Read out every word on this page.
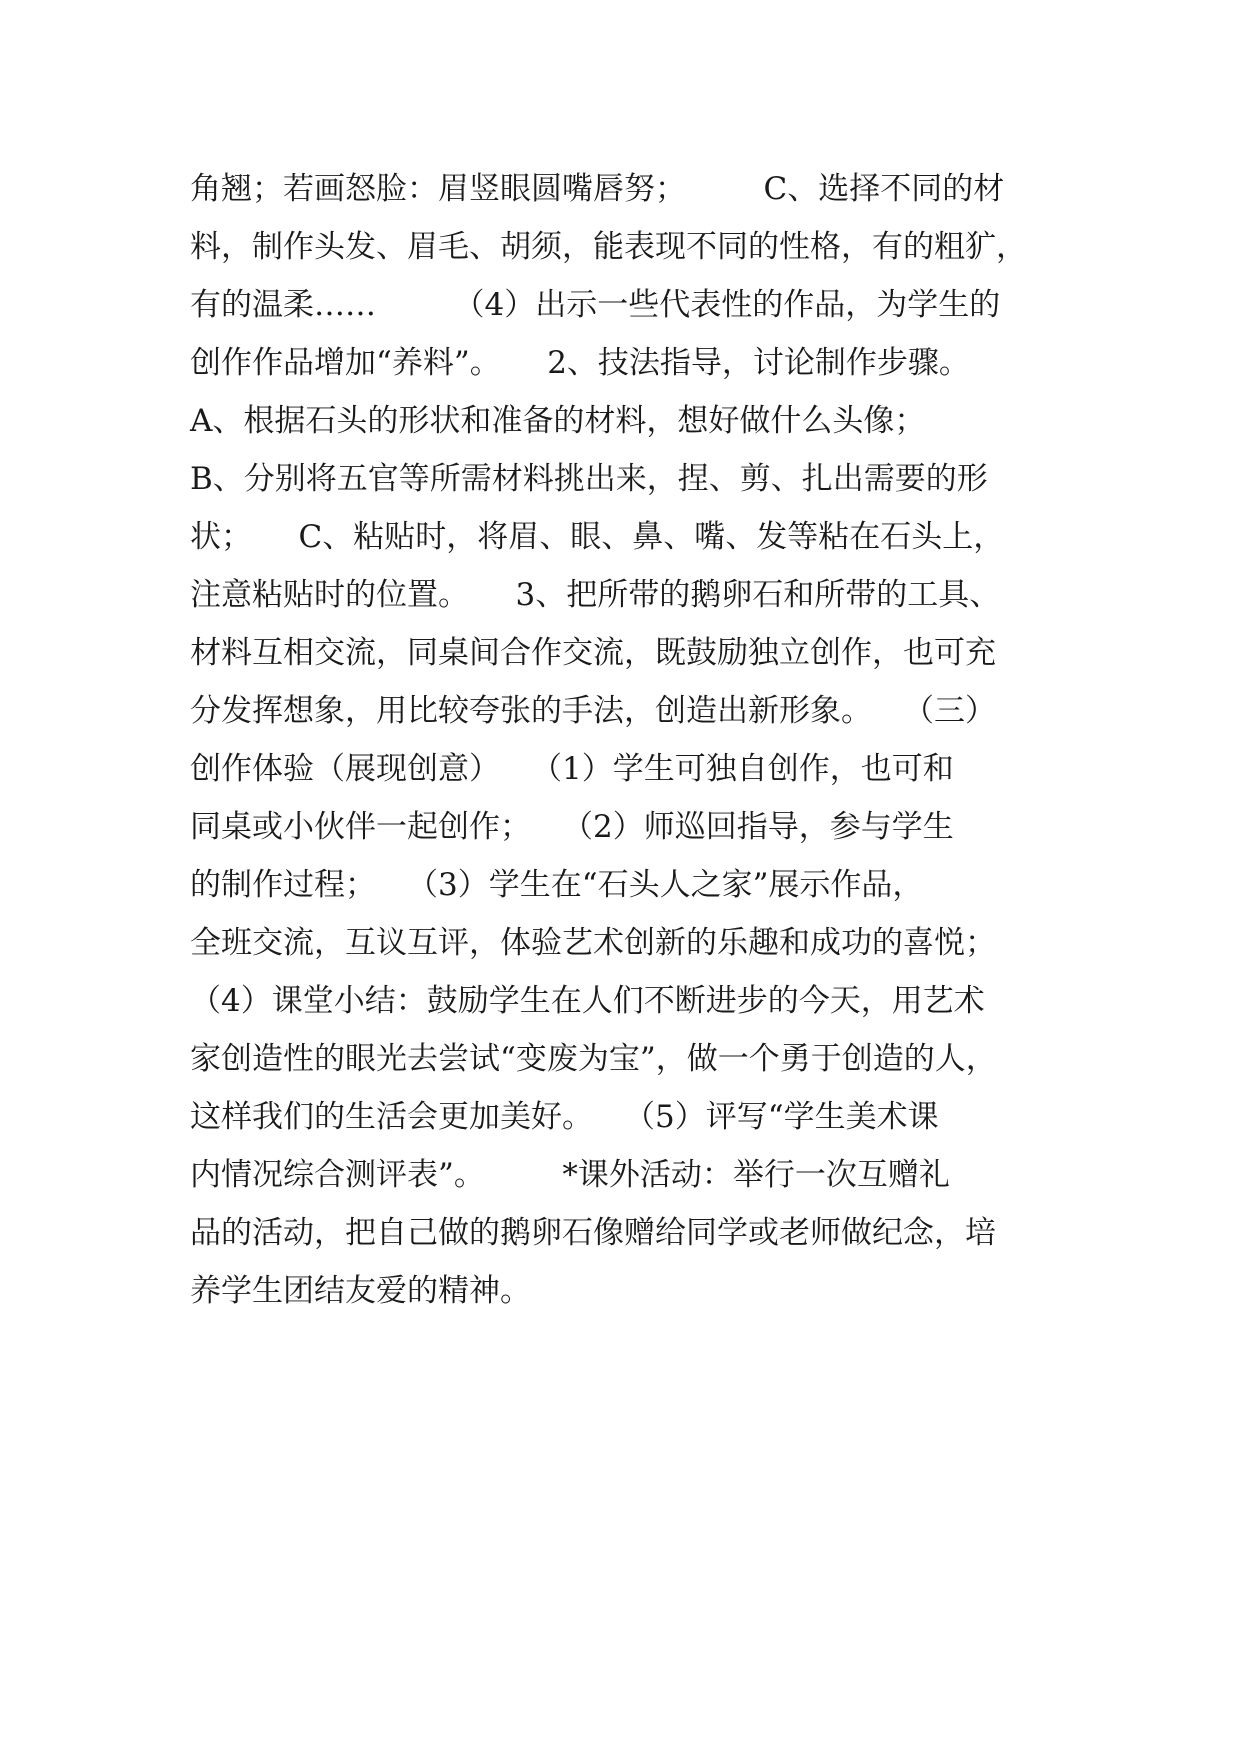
角翘；若画怒脸：眉竖眼圆嘴唇努；　　　C、选择不同的材
料，制作头发、眉毛、胡须，能表现不同的性格，有的粗犷，
有的温柔……　　　（4）出示一些代表性的作品，为学生的
创作作品增加“养料”。　　2、技法指导，讨论制作步骤。
A、根据石头的形状和准备的材料，想好做什么头像；
B、分别将五官等所需材料挑出来，捏、剪、扎出需要的形
状；　　C、粘贴时，将眉、眼、鼻、嘴、发等粘在石头上，
注意粘贴时的位置。　　3、把所带的鹅卵石和所带的工具、
材料互相交流，同桌间合作交流，既鼓励独立创作，也可充
分发挥想象，用比较夸张的手法，创造出新形象。　　（三）
创作体验（展现创意）　　（1）学生可独自创作，也可和
同桌或小伙伴一起创作；　　（2）师巡回指导，参与学生
的制作过程；　　（3）学生在“石头人之家”展示作品，
全班交流，互议互评，体验艺术创新的乐趣和成功的喜悦；
（4）课堂小结：鼓励学生在人们不断进步的今天，用艺术
家创造性的眼光去尝试“变废为宝”，做一个勇于创造的人，
这样我们的生活会更加美好。　　（5）评写“学生美术课
内情况综合测评表”。　　　*课外活动：举行一次互赠礼
品的活动，把自己做的鹅卵石像赠给同学或老师做纪念，培
养学生团结友爱的精神。
